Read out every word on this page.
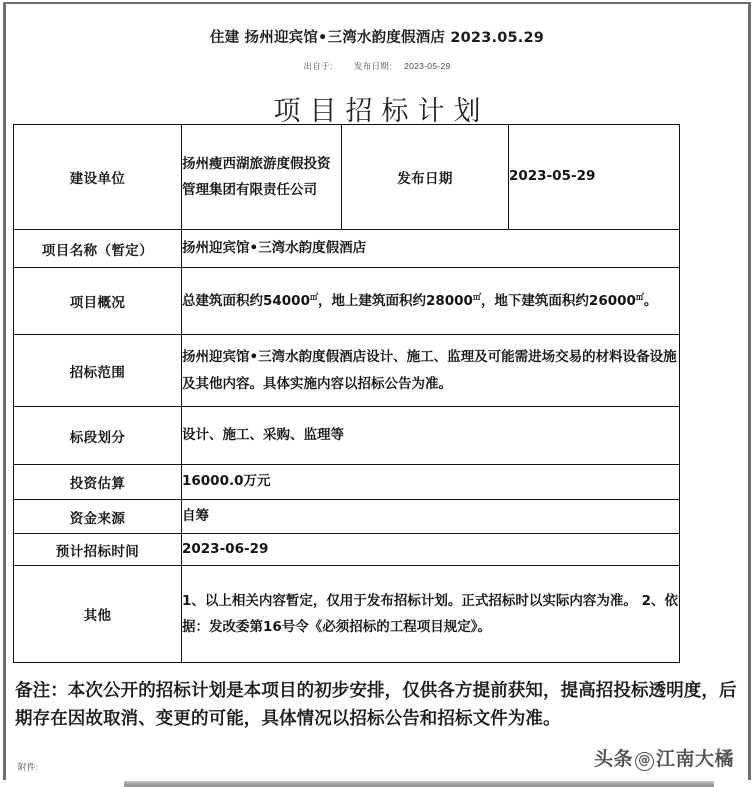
住建 扬州迎宾馆•三湾水韵度假酒店 2023.05.29
出自于:	发布日期: 2023-05-29
项目招标计划
建设单位	扬州瘦西湖旅游度假投资管理集团有限责任公司	发布日期	2023-05-29
项目名称（暂定）	扬州迎宾馆•三湾水韵度假酒店		
项目概况	总建筑面积约54000㎡，地上建筑面积约28000㎡，地下建筑面积约26000㎡。		
招标范围	扬州迎宾馆•三湾水韵度假酒店设计、施工、监理及可能需进场交易的材料设备设施及其他内容。具体实施内容以招标公告为准。		
标段划分	设计、施工、采购、监理等		
投资估算	16000.0万元		
资金来源	自筹		
预计招标时间	2023-06-29		
其他	1、以上相关内容暂定，仅用于发布招标计划。正式招标时以实际内容为准。 2、依据：发改委第16号令《必须招标的工程项目规定》。		
备注：本次公开的招标计划是本项目的初步安排，仅供各方提前获知，提高招投标透明度，后期存在因故取消、变更的可能，具体情况以招标公告和招标文件为准。
附件:	头条 @ 江南大橘
